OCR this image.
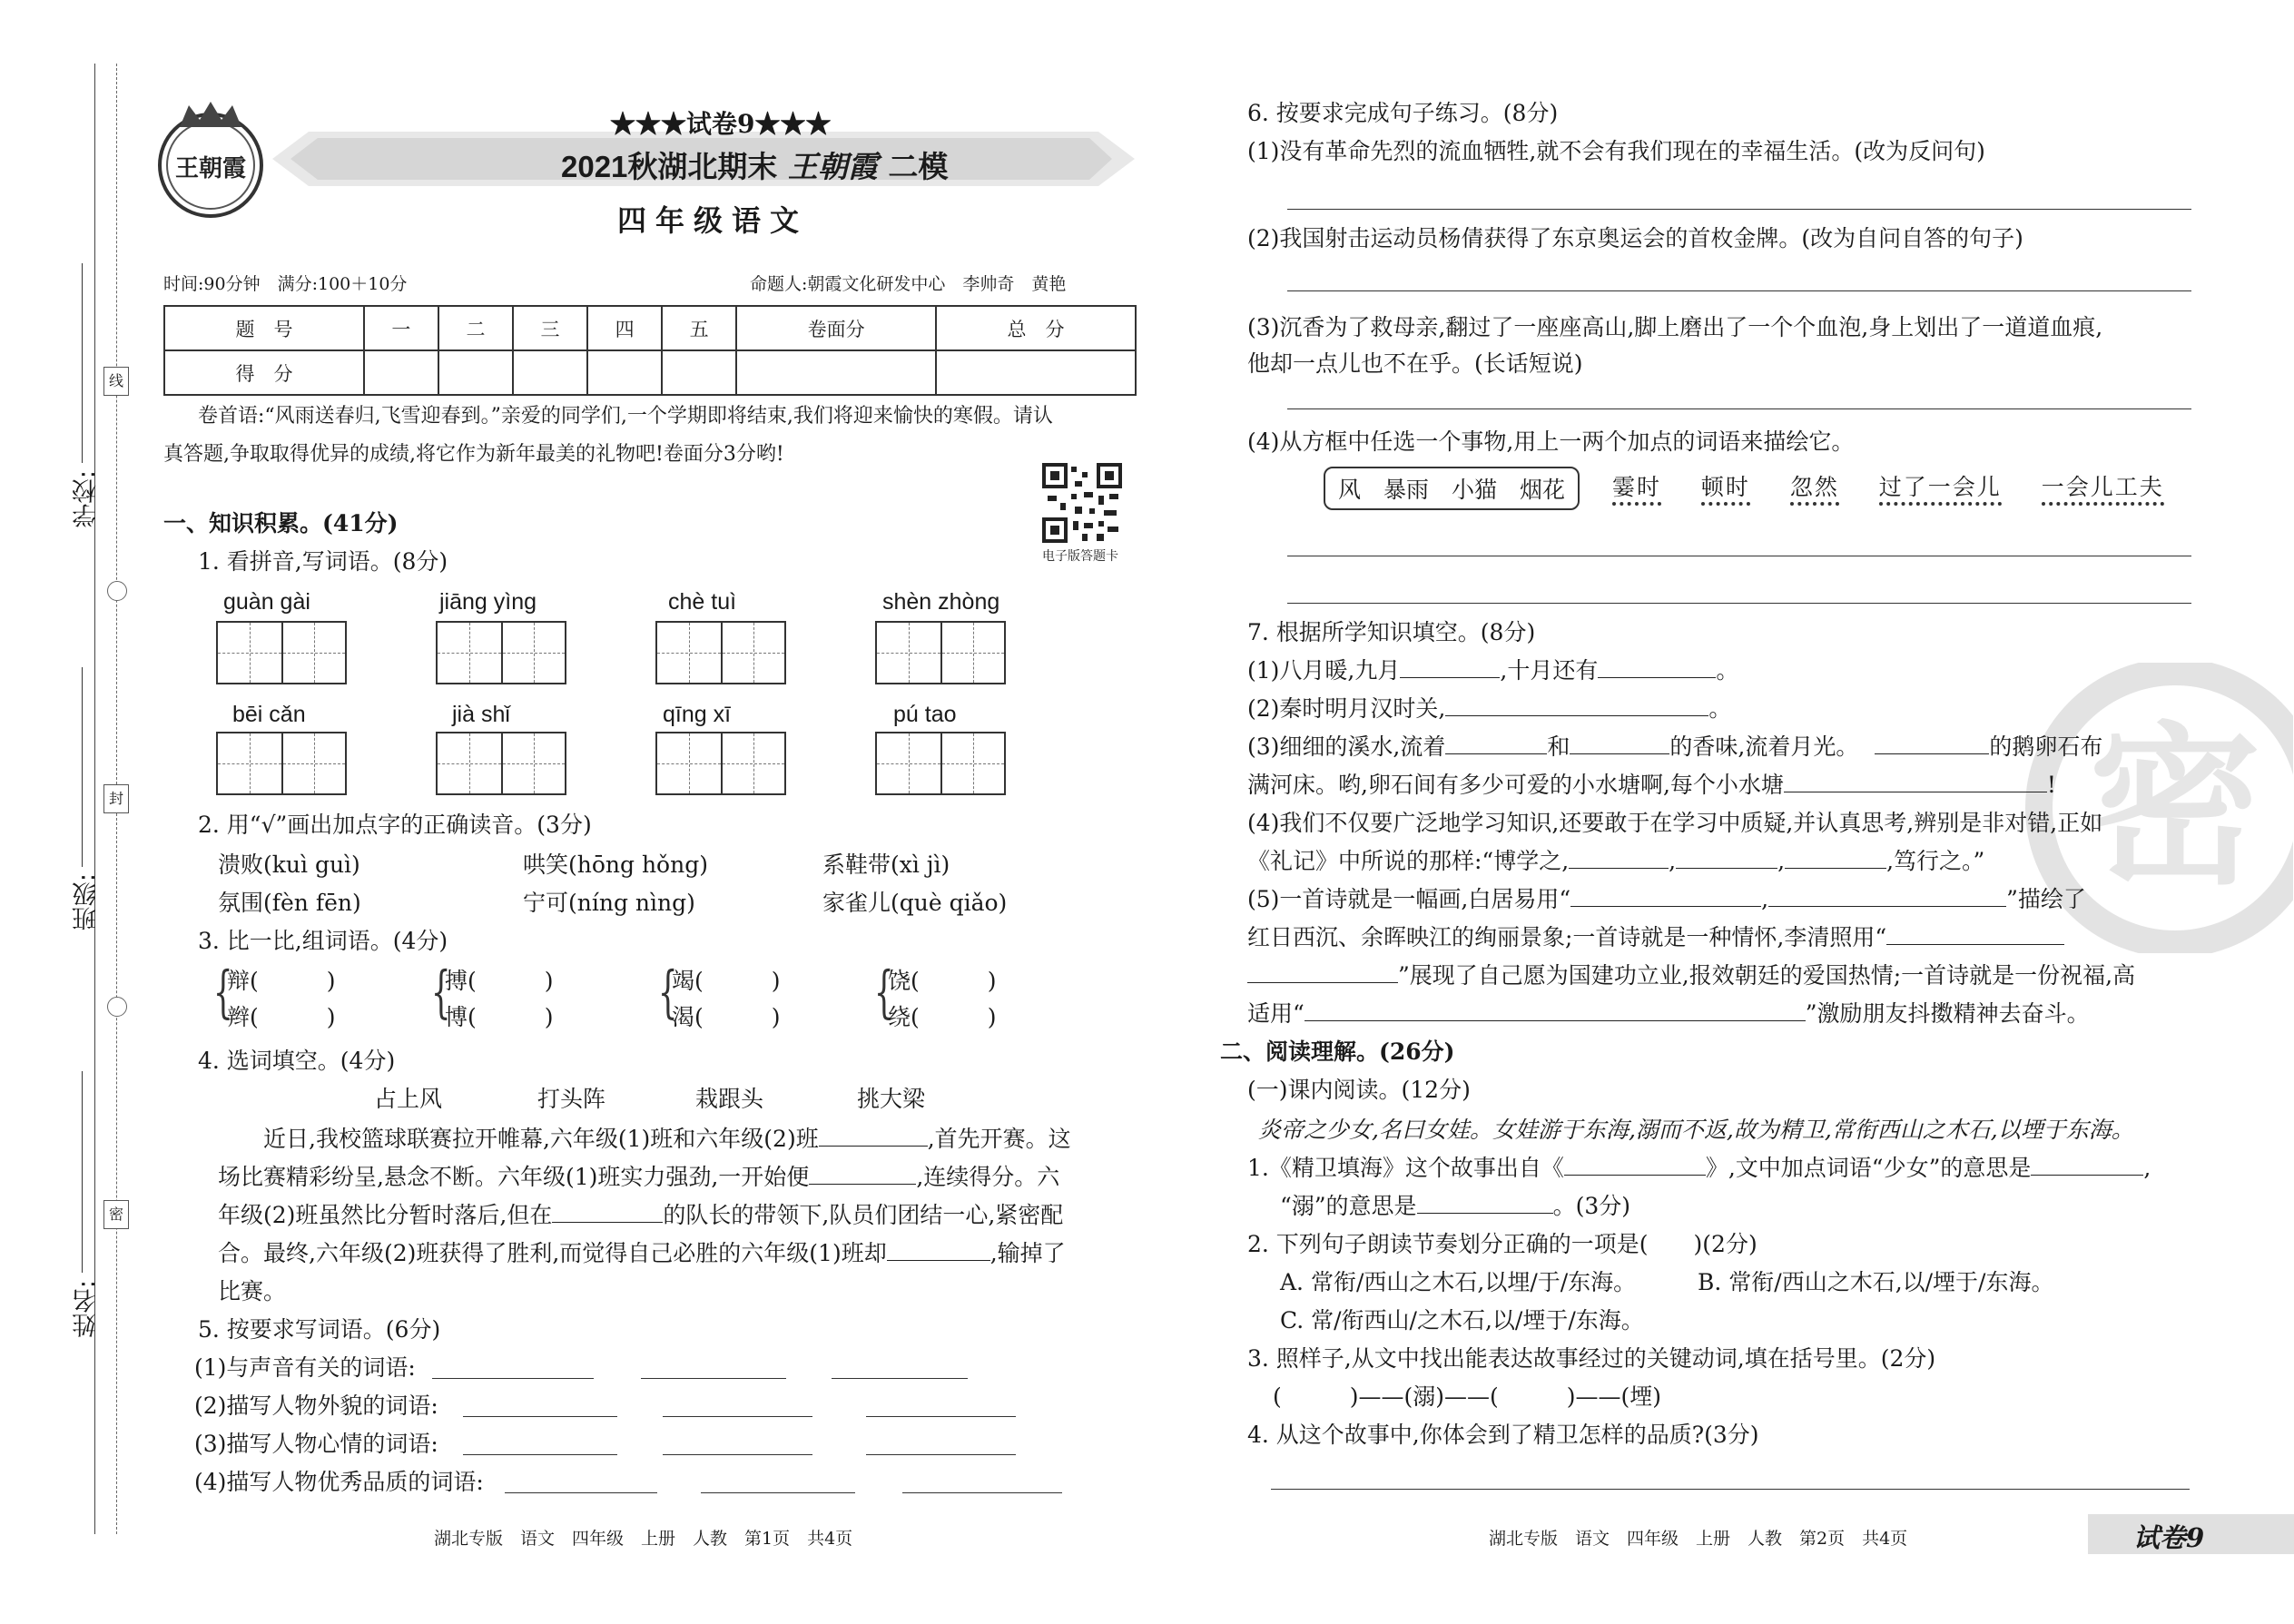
线
封
密
学校:
班级:
姓名:
王朝霞
★★★试卷9★★★
2021秋湖北期末 王朝霞 二模
四年级语文
时间:90分钟　满分:100＋10分	命题人:朝霞文化研发中心　李帅奇　黄艳
题　号	一	二	三	四	五	卷面分	总　分
得　分							
卷首语:“风雨送春归,飞雪迎春到。”亲爱的同学们,一个学期即将结束,我们将迎来愉快的寒假。请认
真答题,争取取得优异的成绩,将它作为新年最美的礼物吧!卷面分3分哟!
电子版答题卡
一、知识积累。(41分)
1. 看拼音,写词语。(8分)
guàn gài	jiāng yìng	chè tuì	shèn zhòng
bēi cǎn	jià shǐ	qīng xī	pú tao
2. 用“√”画出加点字的正确读音。(3分)
溃败(kuì guì)	哄笑(hōng hǒng)	系鞋带(xì jì)
氛围(fèn fēn)	宁可(níng nìng)	家雀儿(què qiǎo)
3. 比一比,组词语。(4分)
{
辩(　　　)
辫(　　　) {
搏(　　　)
博(　　　) {
竭(　　　)
渴(　　　) {
饶(　　　)
绕(　　　)
4. 选词填空。(4分)
占上风	打头阵	栽跟头	挑大梁
近日,我校篮球联赛拉开帷幕,六年级(1)班和六年级(2)班	,首先开赛。这
场比赛精彩纷呈,悬念不断。六年级(1)班实力强劲,一开始便	,连续得分。六
年级(2)班虽然比分暂时落后,但在	的队长的带领下,队员们团结一心,紧密配
合。最终,六年级(2)班获得了胜利,而觉得自己必胜的六年级(1)班却	,输掉了
比赛。
5. 按要求写词语。(6分)
(1)与声音有关的词语:
(2)描写人物外貌的词语:
(3)描写人物心情的词语:
(4)描写人物优秀品质的词语:
湖北专版　语文　四年级　上册　人教　第1页　共4页
密
6. 按要求完成句子练习。(8分)
(1)没有革命先烈的流血牺牲,就不会有我们现在的幸福生活。(改为反问句)
(2)我国射击运动员杨倩获得了东京奥运会的首枚金牌。(改为自问自答的句子)
(3)沉香为了救母亲,翻过了一座座高山,脚上磨出了一个个血泡,身上划出了一道道血痕,
他却一点儿也不在乎。(长话短说)
(4)从方框中任选一个事物,用上一两个加点的词语来描绘它。
风　暴雨　小猫　烟花	霎时 顿时 忽然 过了一会儿 一会儿工夫
7. 根据所学知识填空。(8分)
(1)八月暖,九月	,十月还有	。
(2)秦时明月汉时关,	。
(3)细细的溪水,流着	和	的香味,流着月光。	的鹅卵石布
满河床。哟,卵石间有多少可爱的小水塘啊,每个小水塘	!
(4)我们不仅要广泛地学习知识,还要敢于在学习中质疑,并认真思考,辨别是非对错,正如
《礼记》中所说的那样:“博学之,	,	,	,笃行之。”
(5)一首诗就是一幅画,白居易用“	,	”描绘了
红日西沉、余晖映江的绚丽景象;一首诗就是一种情怀,李清照用“
”展现了自己愿为国建功立业,报效朝廷的爱国热情;一首诗就是一份祝福,高
适用“	”激励朋友抖擞精神去奋斗。
二、阅读理解。(26分)
(一)课内阅读。(12分)
炎帝之少女,名曰女娃。女娃游于东海,溺而不返,故为精卫,常衔西山之木石,以堙于东海。
1.《精卫填海》这个故事出自《	》,文中加点词语“少女”的意思是	,
“溺”的意思是	。(3分)
2. 下列句子朗读节奏划分正确的一项是(　　)(2分)
A. 常衔/西山之木石,以埋/于/东海。	B. 常衔/西山之木石,以/堙于/东海。
C. 常/衔西山/之木石,以/堙于/东海。
3. 照样子,从文中找出能表达故事经过的关键动词,填在括号里。(2分)
(　　　)——(溺)——(　　　)——(堙)
4. 从这个故事中,你体会到了精卫怎样的品质?(3分)
湖北专版　语文　四年级　上册　人教　第2页　共4页	试卷9
